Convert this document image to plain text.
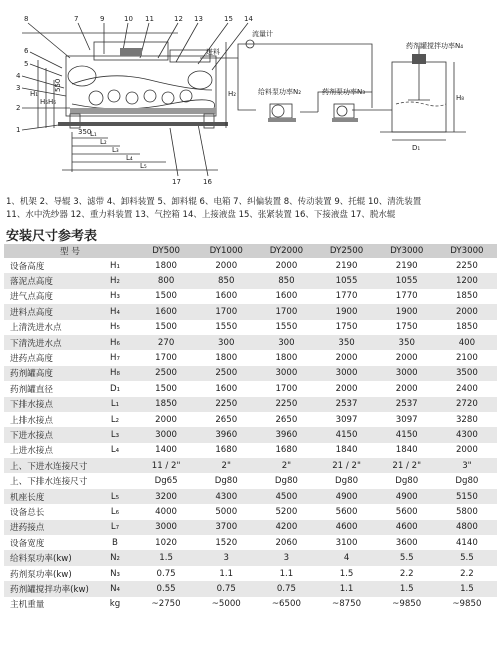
8	7
6
5
4
3
2
1
9	10 11	12 13	15 14
16
17
H₂
H₁
H₅ H₆
350
550
L₁
L₂
L₃
L₄
L₅
进料
流量计
给料泵功率N₂	药剂泵功率N₃
药剂罐搅拌功率N₄
H₈
D₁
1、机架 2、导辊 3、滤带 4、卸料装置 5、卸料辊 6、电箱 7、纠偏装置 8、传动装置 9、托辊 10、清洗装置
11、水中洗纱器 12、重力料装置 13、气控箱 14、上接液盘 15、张紧装置 16、下接液盘 17、脱水辊
安装尺寸参考表
型 号		DY500	DY1000	DY2000	DY2500	DY3000	DY3000
设备高度	H₁	1800	2000	2000	2190	2190	2250
落泥点高度	H₂	800	850	850	1055	1055	1200
进气点高度	H₃	1500	1600	1600	1770	1770	1850
进料点高度	H₄	1600	1700	1700	1900	1900	2000
上清洗进水点	H₅	1500	1550	1550	1750	1750	1850
下清洗进水点	H₆	270	300	300	350	350	400
进药点高度	H₇	1700	1800	1800	2000	2000	2100
药剂罐高度	H₈	2500	2500	3000	3000	3000	3500
药剂罐直径	D₁	1500	1600	1700	2000	2000	2400
下排水接点	L₁	1850	2250	2250	2537	2537	2720
上排水接点	L₂	2000	2650	2650	3097	3097	3280
下进水接点	L₃	3000	3960	3960	4150	4150	4300
上进水接点	L₄	1400	1680	1680	1840	1840	2000
上、下进水连接尺寸		11 / 2"	2"	2"	21 / 2"	21 / 2"	3"
上、下排水连接尺寸		Dg65	Dg80	Dg80	Dg80	Dg80	Dg80
机座长度	L₅	3200	4300	4500	4900	4900	5150
设备总长	L₆	4000	5000	5200	5600	5600	5800
进药接点	L₇	3000	3700	4200	4600	4600	4800
设备宽度	B	1020	1520	2060	3100	3600	4140
给料泵功率(kw)	N₂	1.5	3	3	4	5.5	5.5
药剂泵功率(kw)	N₃	0.75	1.1	1.1	1.5	2.2	2.2
药剂罐搅拌功率(kw)	N₄	0.55	0.75	0.75	1.1	1.5	1.5
主机重量	kg	~2750	~5000	~6500	~8750	~9850	~9850
